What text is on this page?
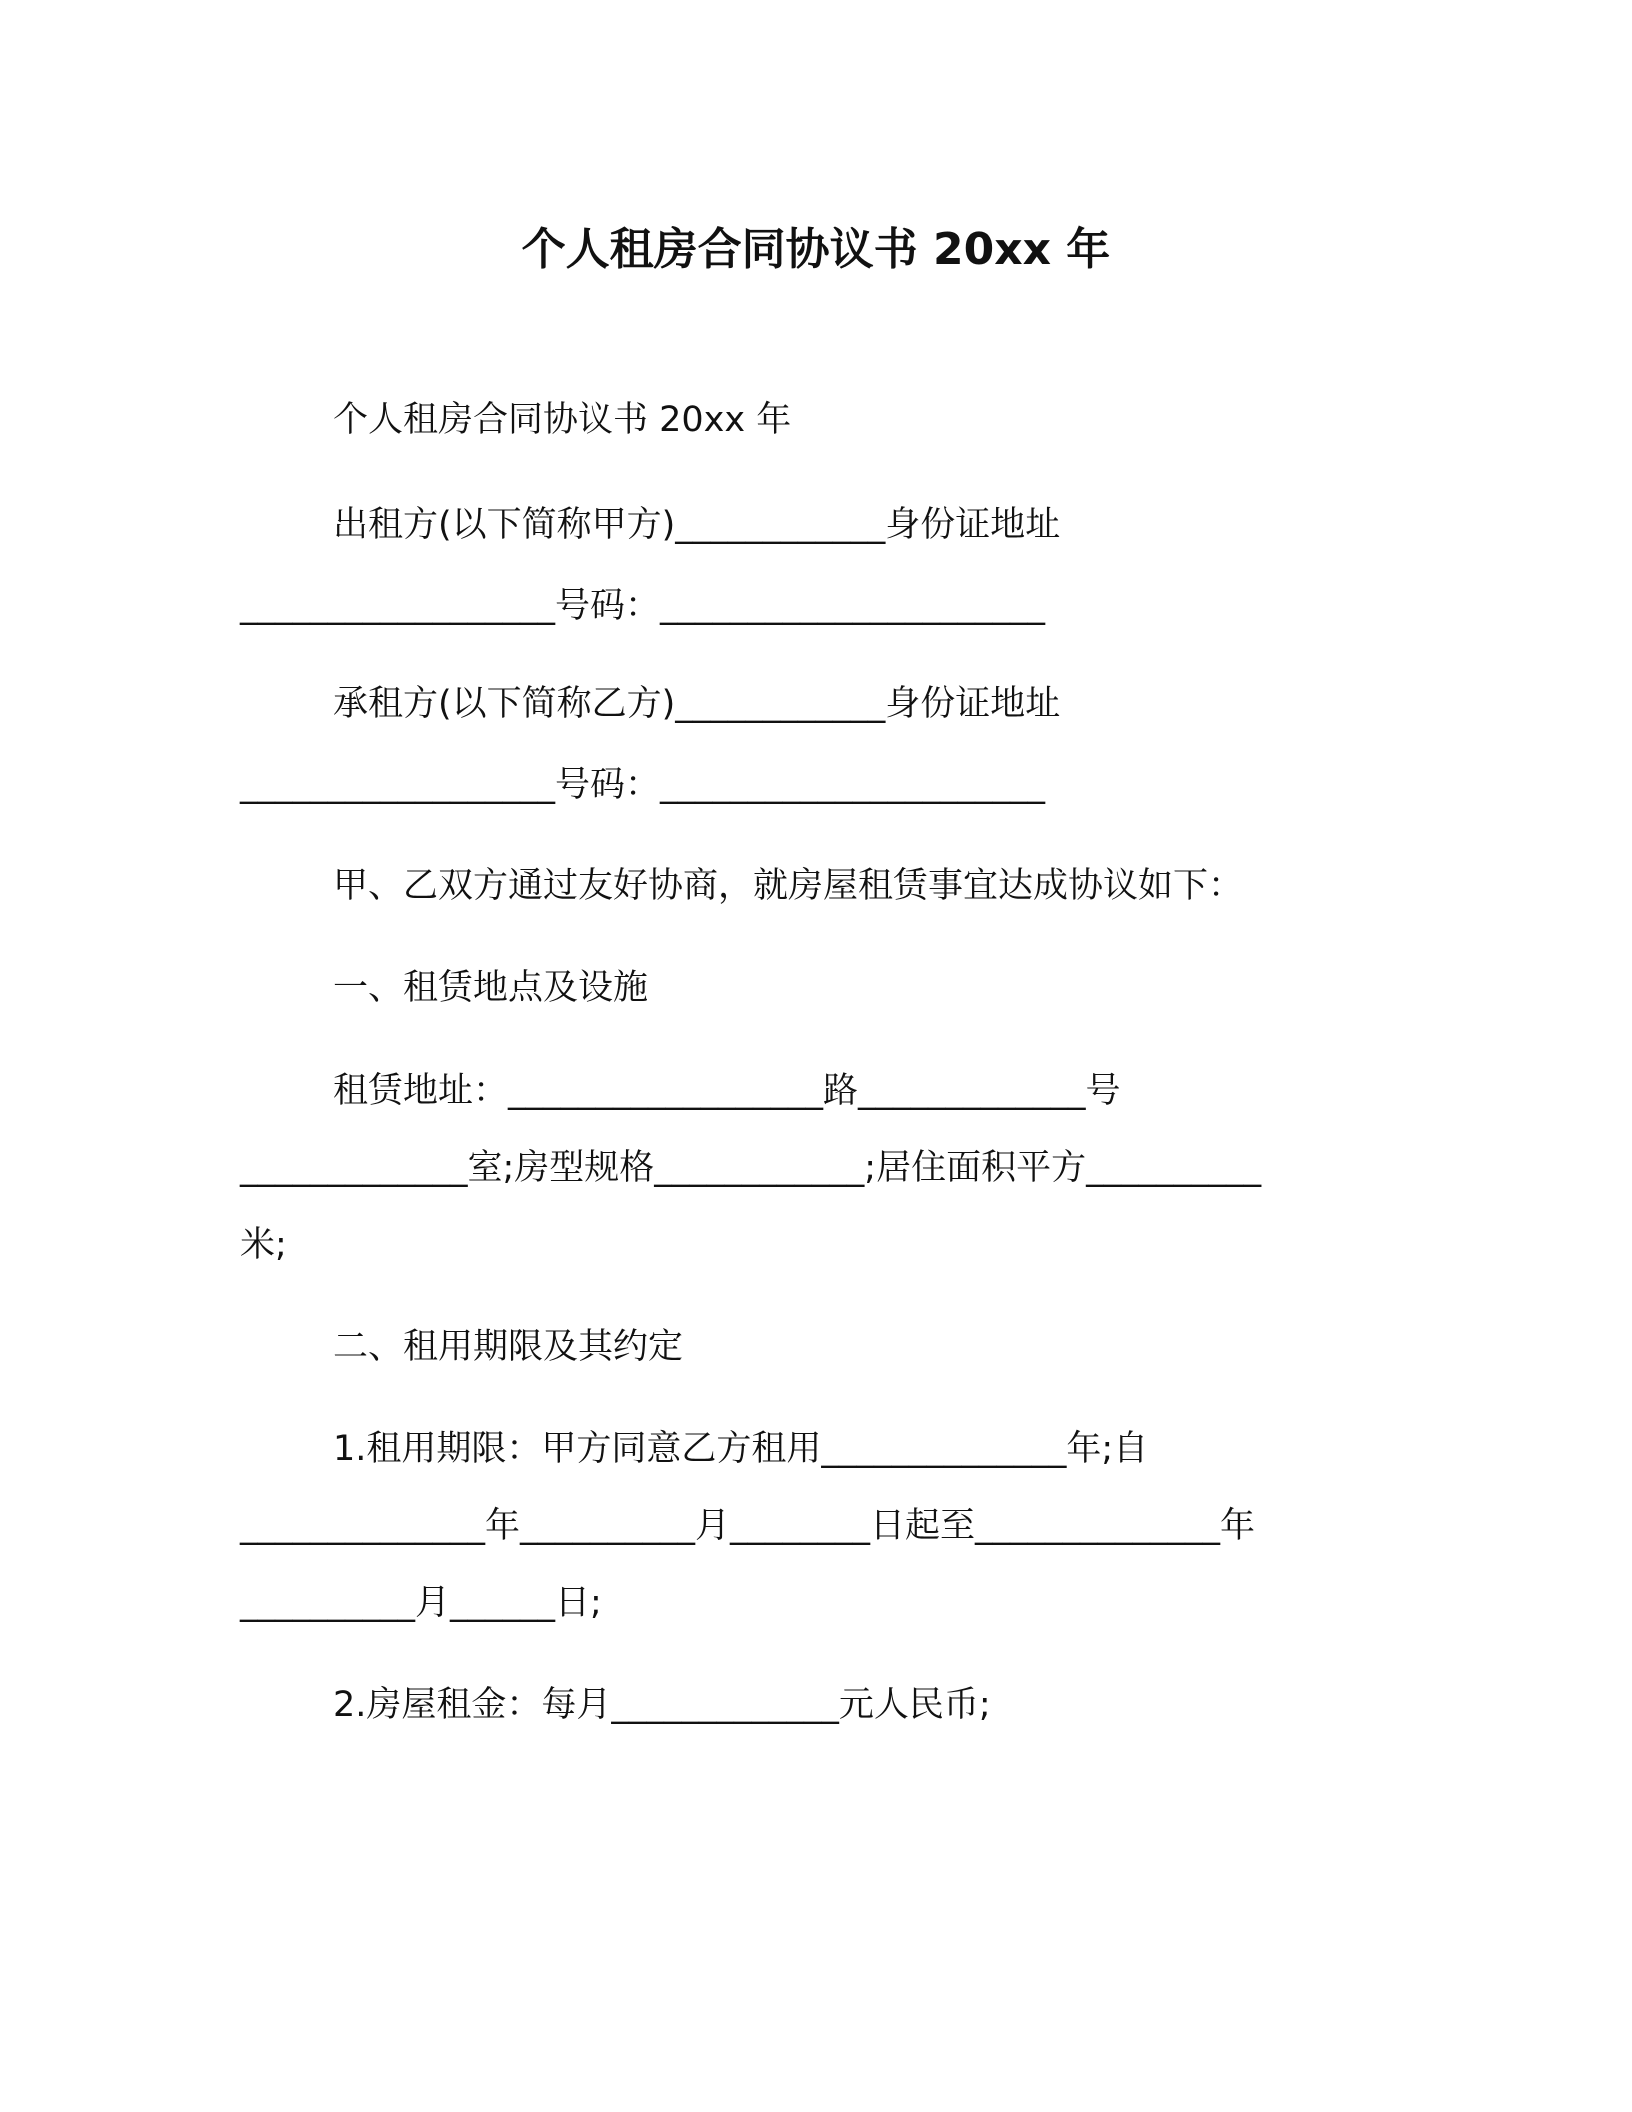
个人租房合同协议书 20xx 年
个人租房合同协议书 20xx 年
出租方(以下简称甲方)____________身份证地址
__________________号码：______________________
承租方(以下简称乙方)____________身份证地址
__________________号码：______________________
甲、乙双方通过友好协商，就房屋租赁事宜达成协议如下：
一、租赁地点及设施
租赁地址：__________________路_____________号
_____________室;房型规格____________;居住面积平方__________
米;
二、租用期限及其约定
1.租用期限：甲方同意乙方租用______________年;自
______________年__________月________日起至______________年
__________月______日;
2.房屋租金：每月_____________元人民币;
